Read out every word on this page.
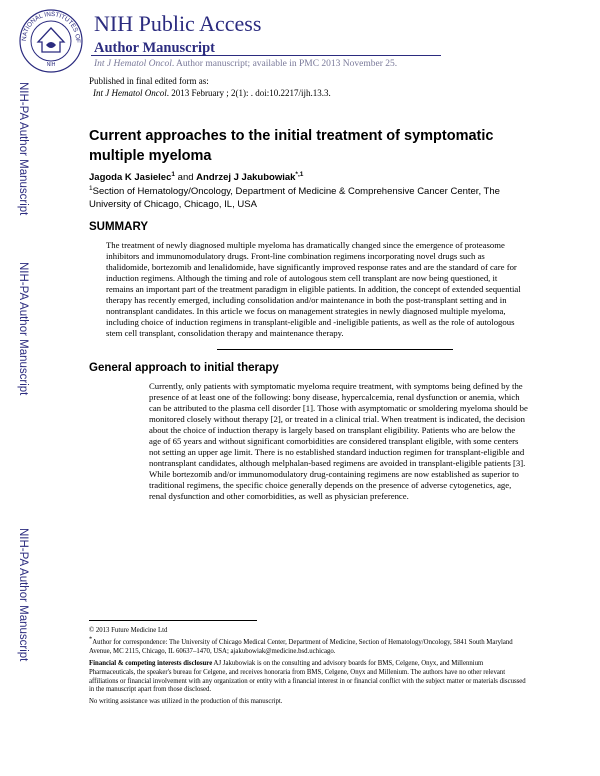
NATIONAL INSTITUTES OF
NIH
NIH Public Access
Author Manuscript
Int J Hematol Oncol. Author manuscript; available in PMC 2013 November 25.
Published in final edited form as:
Int J Hematol Oncol. 2013 February ; 2(1): . doi:10.2217/ijh.13.3.
NIH-PA Author Manuscript
NIH-PA Author Manuscript
NIH-PA Author Manuscript
Current approaches to the initial treatment of symptomatic multiple myeloma
Jagoda K Jasielec$^1$ and Andrzej J Jakubowiak$^{*,1}$
$^1$Section of Hematology/Oncology, Department of Medicine & Comprehensive Cancer Center, The University of Chicago, Chicago, IL, USA
SUMMARY
The treatment of newly diagnosed multiple myeloma has dramatically changed since the emergence of proteasome inhibitors and immunomodulatory drugs. Front-line combination regimens incorporating novel drugs such as thalidomide, bortezomib and lenalidomide, have significantly improved response rates and are the standard of care for induction regimens. Although the timing and role of autologous stem cell transplant are now being questioned, it remains an important part of the treatment paradigm in eligible patients. In addition, the concept of extended sequential therapy has recently emerged, including consolidation and/or maintenance in both the post-transplant setting and in nontransplant candidates. In this article we focus on management strategies in newly diagnosed multiple myeloma, including choice of induction regimens in transplant-eligible and -ineligible patients, as well as the role of autologous stem cell transplant, consolidation therapy and maintenance therapy.
General approach to initial therapy
Currently, only patients with symptomatic myeloma require treatment, with symptoms being defined by the presence of at least one of the following: bony disease, hypercalcemia, renal dysfunction or anemia, which can be attributed to the plasma cell disorder [1]. Those with asymptomatic or smoldering myeloma should be monitored closely without therapy [2], or treated in a clinical trial. When treatment is indicated, the decision about the choice of induction therapy is largely based on transplant eligibility. Patients who are below the age of 65 years and without significant comorbidities are considered transplant eligible, with some centers not setting an upper age limit. There is no established standard induction regimen for transplant-eligible and nontransplant candidates, although melphalan-based regimens are avoided in transplant-eligible patients [3]. While bortezomib and/or immunomodulatory drug-containing regimens are now established as superior to traditional regimens, the specific choice generally depends on the presence of adverse cytogenetics, age, renal dysfunction and other comorbidities, as well as physician preference.

© 2013 Future Medicine Ltd

*Author for correspondence: The University of Chicago Medical Center, Department of Medicine, Section of Hematology/Oncology, 5841 South Maryland Avenue, MC 2115, Chicago, IL 60637–1470, USA; ajakubowiak@medicine.bsd.uchicago.

Financial & competing interests disclosure AJ Jakubowiak is on the consulting and advisory boards for BMS, Celgene, Onyx, and Millennium Pharmaceuticals, the speaker's bureau for Celgene, and receives honoraria from BMS, Celgene, Onyx and Millenium. The authors have no other relevant affiliations or financial involvement with any organization or entity with a financial interest in or financial conflict with the subject matter or materials discussed in the manuscript apart from those disclosed.

No writing assistance was utilized in the production of this manuscript.
